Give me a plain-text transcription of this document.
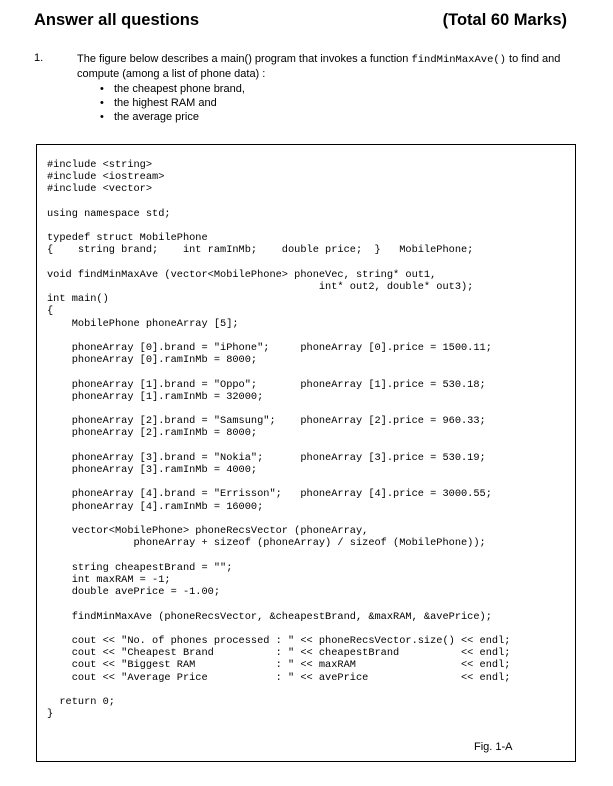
Answer all questions	(Total 60 Marks)
1.	The figure below describes a main() program that invokes a function findMinMaxAve() to find and compute (among a list of phone data) :
• the cheapest phone brand,
• the highest RAM and
• the average price
#include <string>
#include <iostream>
#include <vector>

using namespace std;

typedef struct MobilePhone
{    string brand;    int ramInMb;    double price;  }   MobilePhone;

void findMinMaxAve (vector<MobilePhone> phoneVec, string* out1,
int* out2, double* out3);
int main()
{
MobilePhone phoneArray [5];

phoneArray [0].brand = "iPhone";     phoneArray [0].price = 1500.11;
phoneArray [0].ramInMb = 8000;

phoneArray [1].brand = "Oppo";       phoneArray [1].price = 530.18;
phoneArray [1].ramInMb = 32000;

phoneArray [2].brand = "Samsung";    phoneArray [2].price = 960.33;
phoneArray [2].ramInMb = 8000;

phoneArray [3].brand = "Nokia";      phoneArray [3].price = 530.19;
phoneArray [3].ramInMb = 4000;

phoneArray [4].brand = "Errisson";   phoneArray [4].price = 3000.55;
phoneArray [4].ramInMb = 16000;

vector<MobilePhone> phoneRecsVector (phoneArray,
phoneArray + sizeof (phoneArray) / sizeof (MobilePhone));

string cheapestBrand = "";
int maxRAM = -1;
double avePrice = -1.00;

findMinMaxAve (phoneRecsVector, &cheapestBrand, &maxRAM, &avePrice);

cout << "No. of phones processed : " << phoneRecsVector.size() << endl;
cout << "Cheapest Brand          : " << cheapestBrand          << endl;
cout << "Biggest RAM             : " << maxRAM                 << endl;
cout << "Average Price           : " << avePrice               << endl;

return 0;
}

Fig. 1-A
